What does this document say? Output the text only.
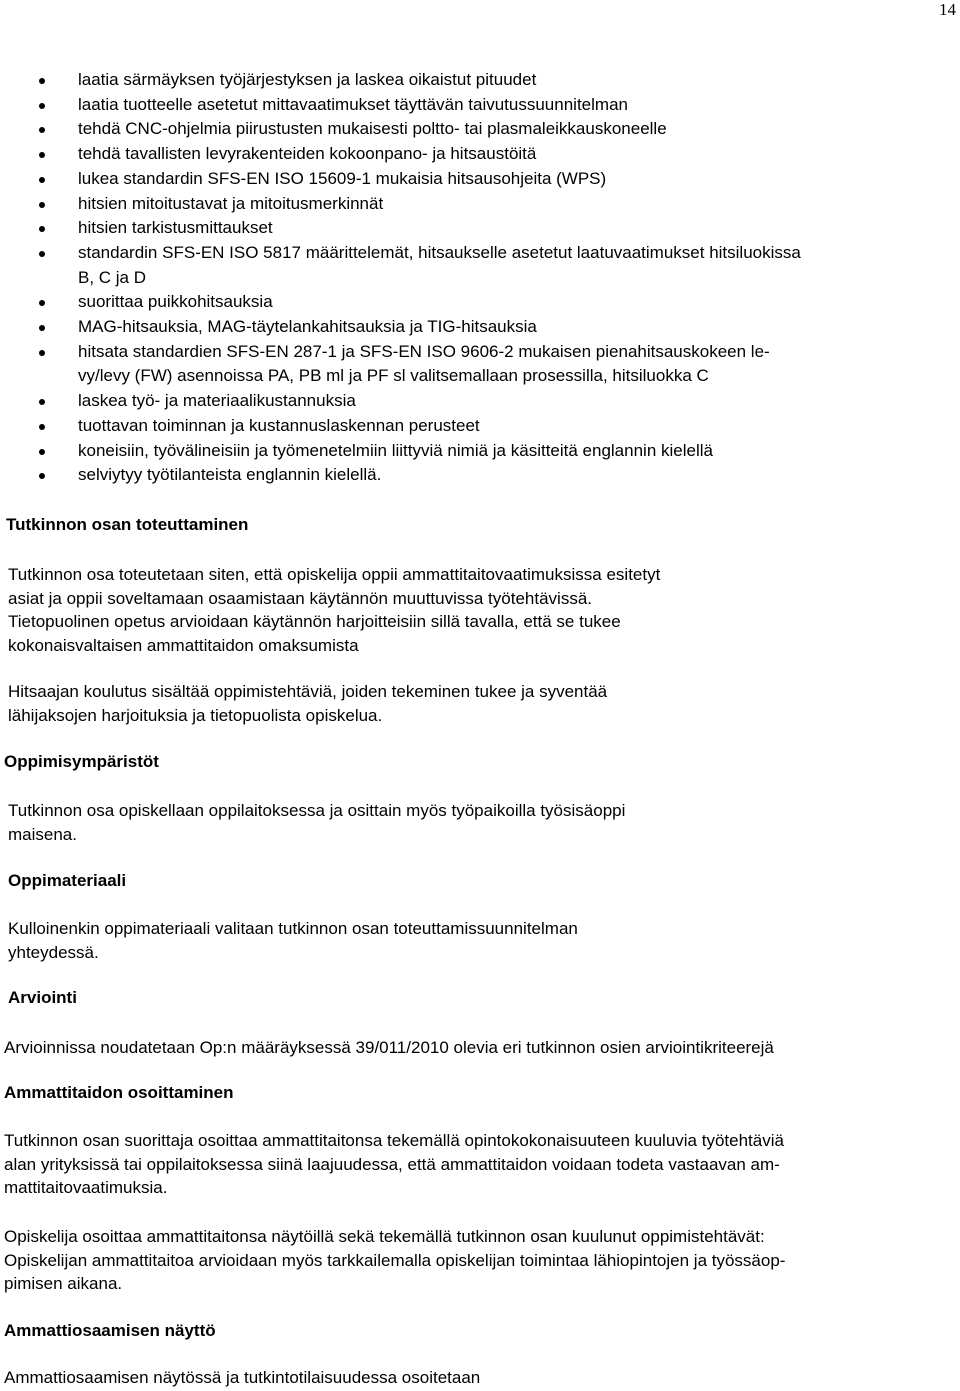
14
laatia särmäyksen työjärjestyksen ja laskea oikaistut pituudet
laatia tuotteelle asetetut mittavaatimukset täyttävän taivutussuunnitelman
tehdä CNC-ohjelmia piirustusten mukaisesti poltto- tai plasmaleikkauskoneelle
tehdä tavallisten levyrakenteiden kokoonpano- ja hitsaustöitä
lukea standardin SFS-EN ISO 15609-1 mukaisia hitsausohjeita (WPS)
hitsien mitoitustavat ja mitoitusmerkinnät
hitsien tarkistusmittaukset
standardin SFS-EN ISO 5817 määrittelemät, hitsaukselle asetetut laatuvaatimukset hitsiluokissa
B, C ja D
suorittaa puikkohitsauksia
MAG-hitsauksia, MAG-täytelankahitsauksia ja TIG-hitsauksia
hitsata standardien SFS-EN 287-1 ja SFS-EN ISO 9606-2 mukaisen pienahitsauskokeen le-
vy/levy (FW) asennoissa PA, PB ml ja PF sl valitsemallaan prosessilla, hitsiluokka C
laskea työ- ja materiaalikustannuksia
tuottavan toiminnan ja kustannuslaskennan perusteet
koneisiin, työvälineisiin ja työmenetelmiin liittyviä nimiä ja käsitteitä englannin kielellä
selviytyy työtilanteista englannin kielellä.
Tutkinnon osan toteuttaminen
Tutkinnon osa toteutetaan siten, että opiskelija oppii ammattitaitovaatimuksissa esitetyt
asiat ja oppii soveltamaan osaamistaan käytännön muuttuvissa työtehtävissä.
Tietopuolinen opetus arvioidaan käytännön harjoitteisiin sillä tavalla, että se tukee
kokonaisvaltaisen ammattitaidon omaksumista
Hitsaajan koulutus sisältää oppimistehtäviä, joiden tekeminen tukee ja syventää
lähijaksojen harjoituksia ja tietopuolista opiskelua.
Oppimisympäristöt
Tutkinnon osa opiskellaan oppilaitoksessa ja osittain myös työpaikoilla työsisäoppi
maisena.
Oppimateriaali
Kulloinenkin oppimateriaali valitaan tutkinnon osan toteuttamissuunnitelman
yhteydessä.
Arviointi
Arvioinnissa noudatetaan Op:n määräyksessä 39/011/2010 olevia eri tutkinnon osien arviointikriteerejä
Ammattitaidon osoittaminen
Tutkinnon osan suorittaja osoittaa ammattitaitonsa tekemällä opintokokonaisuuteen kuuluvia työtehtäviä
alan yrityksissä tai oppilaitoksessa siinä laajuudessa, että ammattitaidon voidaan todeta vastaavan am-
mattitaitovaatimuksia.
Opiskelija osoittaa ammattitaitonsa näytöillä sekä tekemällä tutkinnon osan kuulunut oppimistehtävät:
Opiskelijan ammattitaitoa arvioidaan myös tarkkailemalla opiskelijan toimintaa lähiopintojen ja työssäop-
pimisen aikana.
Ammattiosaamisen näyttö
Ammattiosaamisen näytössä ja tutkintotilaisuudessa osoitetaan
